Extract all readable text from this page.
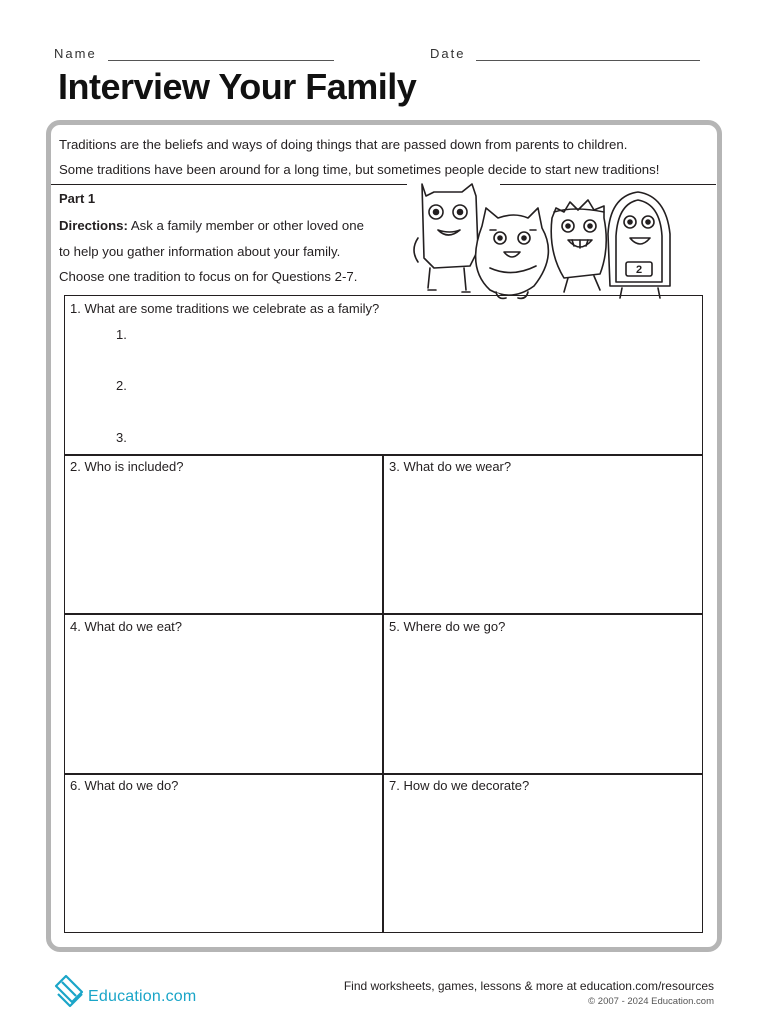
Name	Date
Interview Your Family
Traditions are the beliefs and ways of doing things that are passed down from parents to children.
Some traditions have been around for a long time, but sometimes people decide to start new traditions!
Part 1
Directions: Ask a family member or other loved one
to help you gather information about your family.
Choose one tradition to focus on for Questions 2-7.	2
1. What are some traditions we celebrate as a family?
1.
2.
3.
2. Who is included?	3. What do we wear?
4. What do we eat?	5. Where do we go?
6. What do we do?	7. How do we decorate?
Education.com
Find worksheets, games, lessons & more at education.com/resources
© 2007 - 2024 Education.com
